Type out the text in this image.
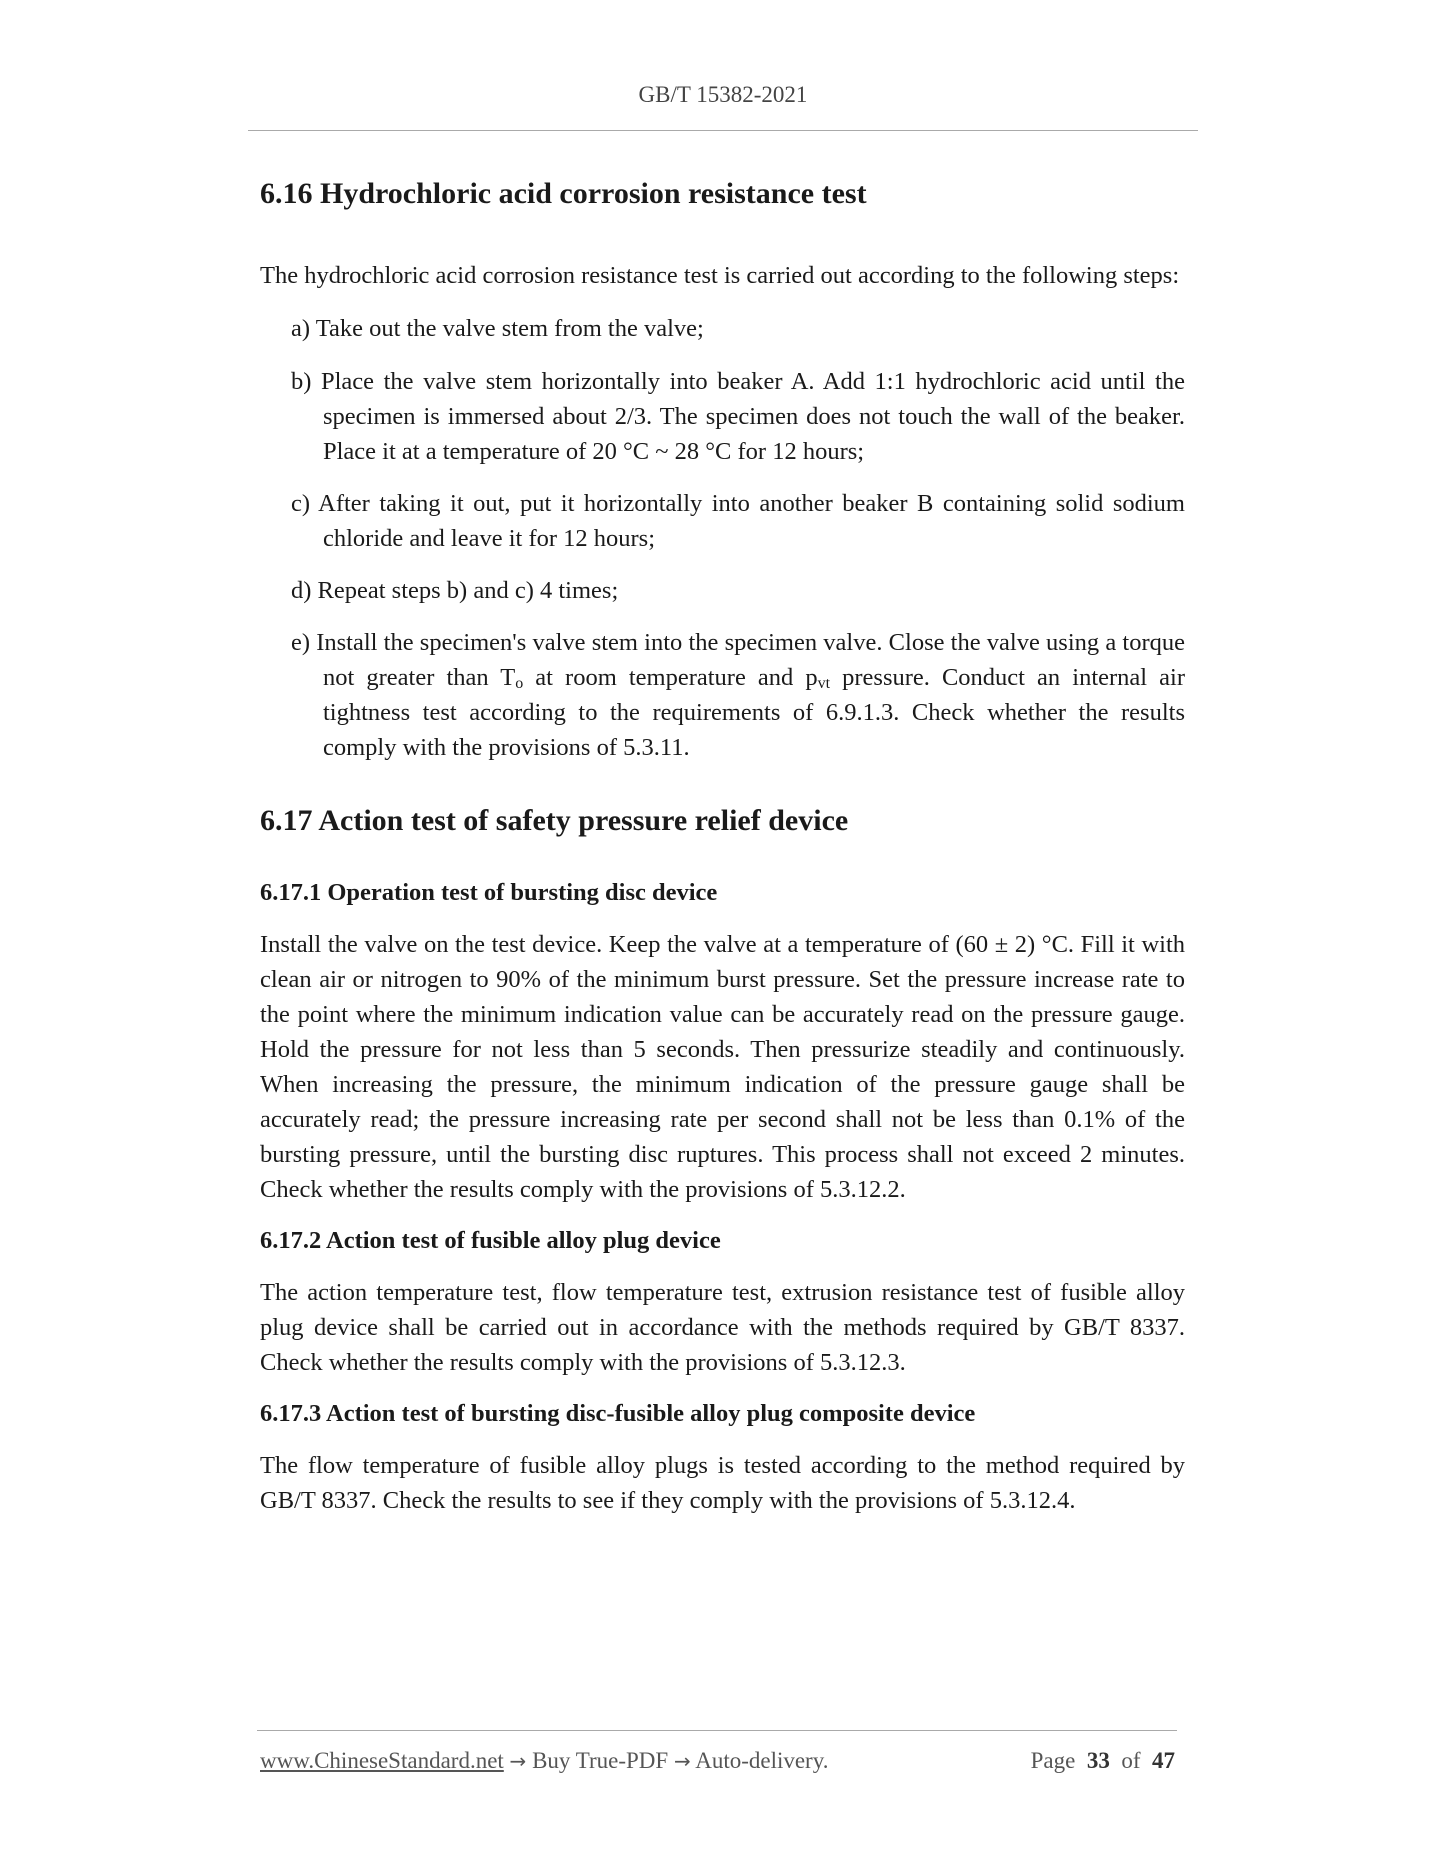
GB/T 15382-2021
6.16 Hydrochloric acid corrosion resistance test

The hydrochloric acid corrosion resistance test is carried out according to the following steps:

a) Take out the valve stem from the valve;

b) Place the valve stem horizontally into beaker A. Add 1:1 hydrochloric acid until the specimen is immersed about 2/3. The specimen does not touch the wall of the beaker. Place it at a temperature of 20 °C ~ 28 °C for 12 hours;

c) After taking it out, put it horizontally into another beaker B containing solid sodium chloride and leave it for 12 hours;

d) Repeat steps b) and c) 4 times;

e) Install the specimen's valve stem into the specimen valve. Close the valve using a torque not greater than $T_o$ at room temperature and $p_{vt}$ pressure. Conduct an internal air tightness test according to the requirements of 6.9.1.3. Check whether the results comply with the provisions of 5.3.11.

6.17 Action test of safety pressure relief device
6.17.1 Operation test of bursting disc device

Install the valve on the test device. Keep the valve at a temperature of (60 ± 2) °C. Fill it with clean air or nitrogen to 90% of the minimum burst pressure. Set the pressure increase rate to the point where the minimum indication value can be accurately read on the pressure gauge. Hold the pressure for not less than 5 seconds. Then pressurize steadily and continuously. When increasing the pressure, the minimum indication of the pressure gauge shall be accurately read; the pressure increasing rate per second shall not be less than 0.1% of the bursting pressure, until the bursting disc ruptures. This process shall not exceed 2 minutes. Check whether the results comply with the provisions of 5.3.12.2.

6.17.2 Action test of fusible alloy plug device

The action temperature test, flow temperature test, extrusion resistance test of fusible alloy plug device shall be carried out in accordance with the methods required by GB/T 8337. Check whether the results comply with the provisions of 5.3.12.3.

6.17.3 Action test of bursting disc-fusible alloy plug composite device

The flow temperature of fusible alloy plugs is tested according to the method required by GB/T 8337. Check the results to see if they comply with the provisions of 5.3.12.4.

www.ChineseStandard.net → Buy True-PDF → Auto-delivery.	Page 33 of 47
